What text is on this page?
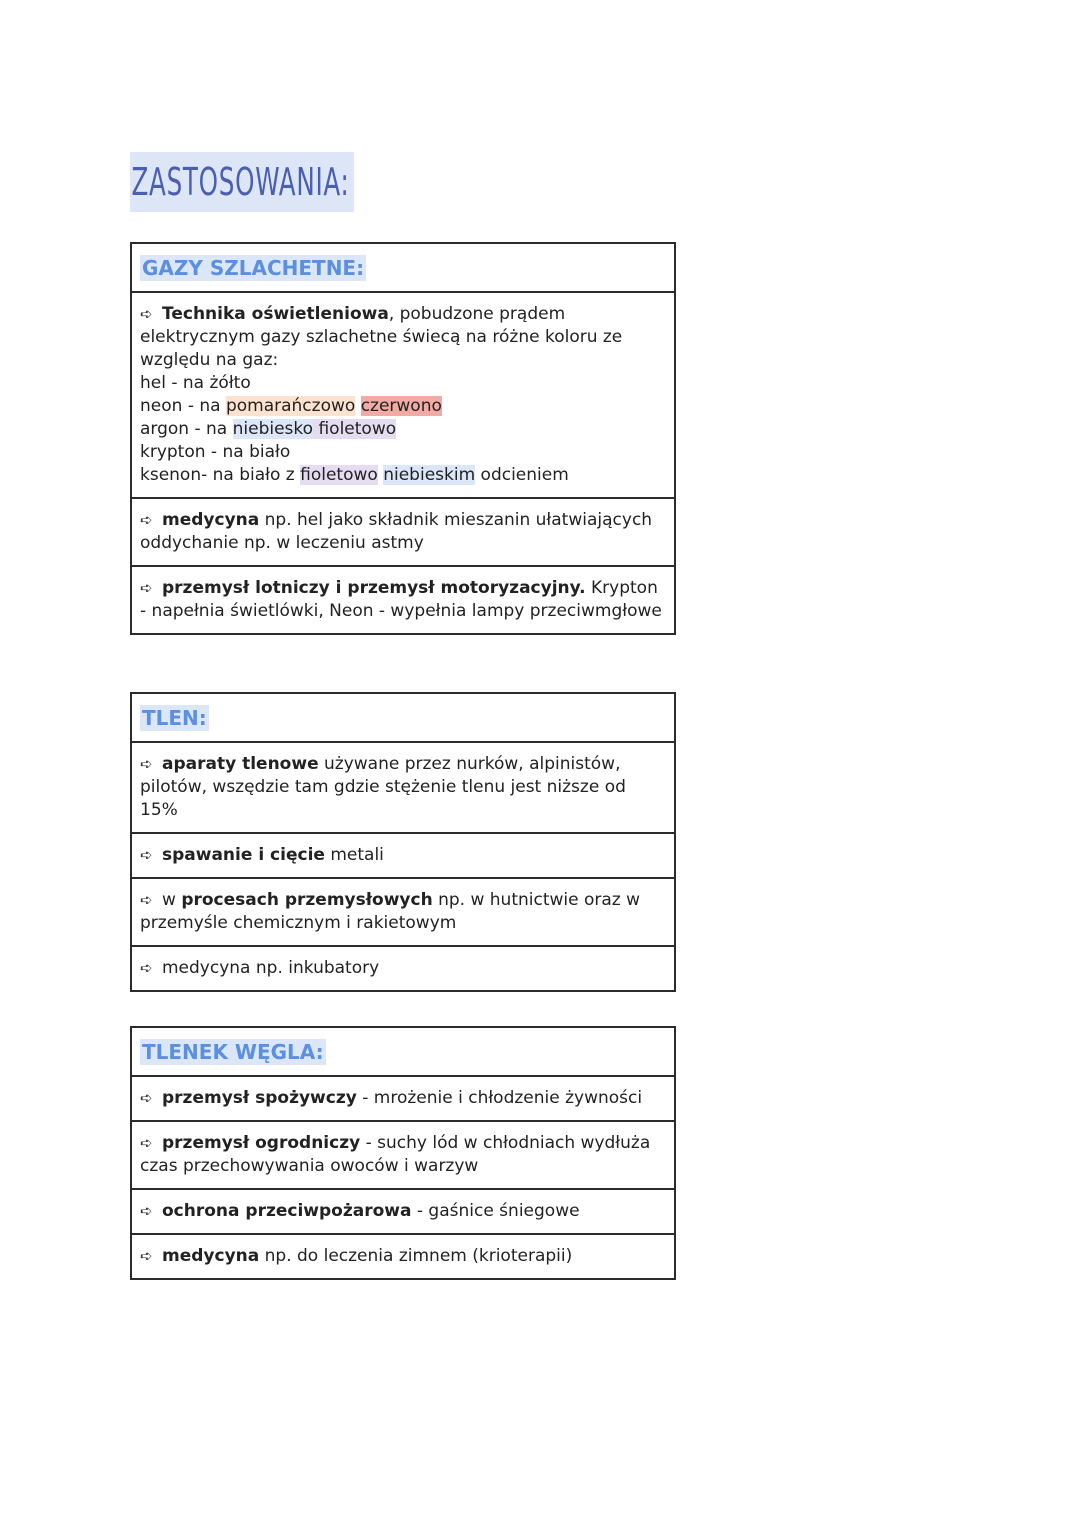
ZASTOSOWANIA:
GAZY SZLACHETNE:
➪ Technika oświetleniowa, pobudzone prądem elektrycznym gazy szlachetne świecą na różne koloru ze względu na gaz:
hel - na żółto
neon - na pomarańczowo czerwono
argon - na niebiesko fioletowo
krypton - na biało
ksenon- na biało z fioletowo niebieskim odcieniem
➪ medycyna np. hel jako składnik mieszanin ułatwiających oddychanie np. w leczeniu astmy
➪ przemysł lotniczy i przemysł motoryzacyjny. Krypton - napełnia świetlówki, Neon - wypełnia lampy przeciwmgłowe
TLEN:
➪ aparaty tlenowe używane przez nurków, alpinistów, pilotów, wszędzie tam gdzie stężenie tlenu jest niższe od 15%
➪ spawanie i cięcie metali
➪ w procesach przemysłowych np. w hutnictwie oraz w przemyśle chemicznym i rakietowym
➪ medycyna np. inkubatory
TLENEK WĘGLA:
➪ przemysł spożywczy - mrożenie i chłodzenie żywności
➪ przemysł ogrodniczy - suchy lód w chłodniach wydłuża czas przechowywania owoców i warzyw
➪ ochrona przeciwpożarowa - gaśnice śniegowe
➪ medycyna np. do leczenia zimnem (krioterapii)
